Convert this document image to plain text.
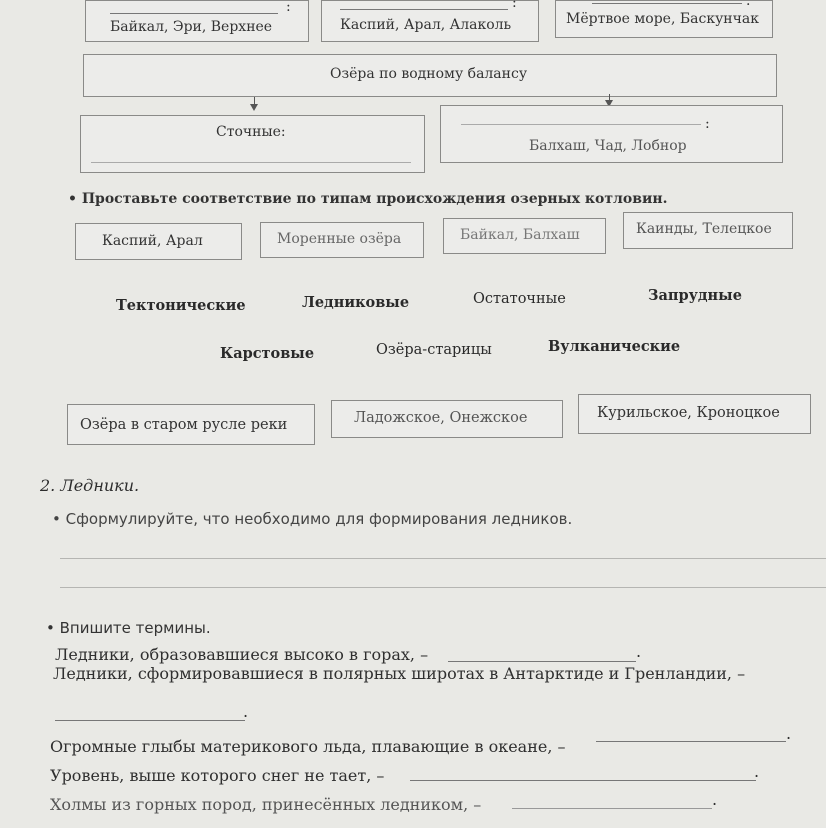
:
Байкал, Эри, Верхнее
:
Каспий, Арал, Алаколь
.
Мёртвое море, Баскунчак
Озёра по водному балансу
Сточные:	:
Балхаш, Чад, Лобнор
• Проставьте соответствие по типам происхождения озерных котловин.
Каспий, Арал	Моренные озёра	Байкал, Балхаш	Каинды, Телецкое
Тектонические	Ледниковые	Остаточные	Запрудные
Карстовые	Озёра-старицы	Вулканические
Озёра в старом русле реки	Ладожское, Онежское	Курильское, Кроноцкое
2. Ледники.
• Сформулируйте, что необходимо для формирования ледников.
• Впишите термины.
Ледники, образовавшиеся высоко в горах, –	.
Ледники, сформировавшиеся в полярных широтах в Антарктиде и Гренландии, –
.
Огромные глыбы материкового льда, плавающие в океане, –
.
Уровень, выше которого снег не тает, –	.
Холмы из горных пород, принесённых ледником, –	.
